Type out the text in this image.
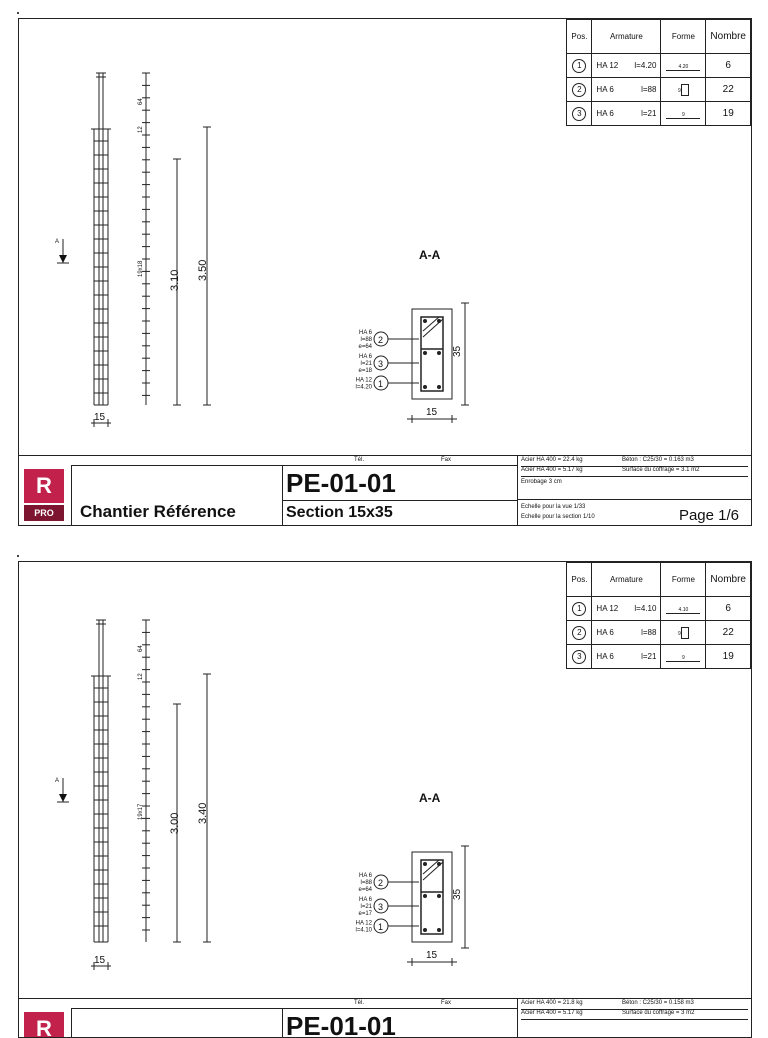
Pos.	Armature	Forme	Nombre
1	HA 12 l=4.20	4.20	6
2	HA 6 l=88	9	22
3	HA 6 l=21	9	19
64
12
19x18
3.10 3.50
15
A
A-A
35
15
2
HA 6
l=88
e=64
3
HA 6
l=21
e=18
1
HA 12
l=4.20
Tél.	Fax
R
PRO	Chantier Référence
PE-01-01
Section 15x35
Acier HA 400 = 22.4 kg	Béton : C25/30 = 0.163 m3
Acier HA 400 = 5.17 kg	Surface du coffrage = 3.1 m2
Enrobage 3 cm
Echelle pour la vue 1/33
Echelle pour la section 1/10	Page 1/6
Pos.	Armature	Forme	Nombre
1	HA 12 l=4.10	4.10	6
2	HA 6 l=88	9	22
3	HA 6 l=21	9	19
64
12
19x17
3.00 3.40
15
A
A-A
35
15
2
HA 6
l=88
e=64
3
HA 6
l=21
e=17
1
HA 12
l=4.10
Tél.	Fax
R	PE-01-01
Acier HA 400 = 21.8 kg	Béton : C25/30 = 0.158 m3
Acier HA 400 = 5.17 kg	Surface du coffrage = 3 m2
